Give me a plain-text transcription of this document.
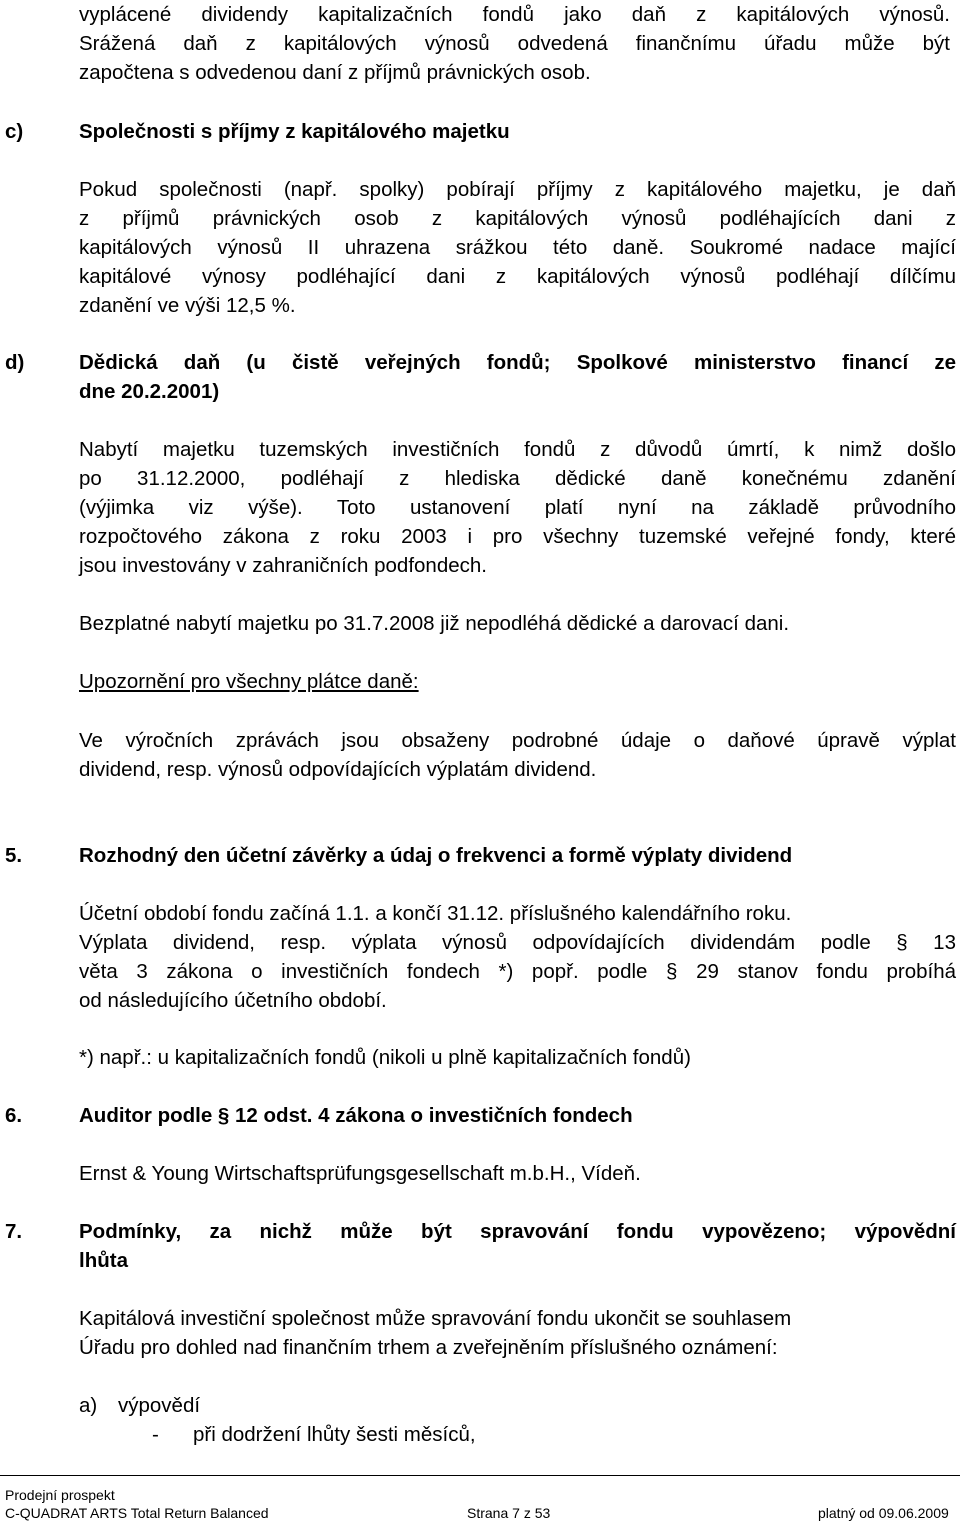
vyplácené dividendy kapitalizačních fondů jako daň z kapitálových výnosů.
Srážená daň z kapitálových výnosů odvedená finančnímu úřadu může být
započtena s odvedenou daní z příjmů právnických osob.
c)	Společnosti s příjmy z kapitálového majetku
Pokud společnosti (např. spolky) pobírají příjmy z kapitálového majetku, je daň
z příjmů právnických osob z kapitálových výnosů podléhajících dani z
kapitálových výnosů II uhrazena srážkou této daně. Soukromé nadace mající
kapitálové výnosy podléhající dani z kapitálových výnosů podléhají dílčímu
zdanění ve výši 12,5 %.
d)	Dědická daň (u čistě veřejných fondů; Spolkové ministerstvo financí ze
dne 20.2.2001)
Nabytí majetku tuzemských investičních fondů z důvodů úmrtí, k nimž došlo
po 31.12.2000, podléhají z hlediska dědické daně konečnému zdanění
(výjimka viz výše). Toto ustanovení platí nyní na základě průvodního
rozpočtového zákona z roku 2003 i pro všechny tuzemské veřejné fondy, které
jsou investovány v zahraničních podfondech.
Bezplatné nabytí majetku po 31.7.2008 již nepodléhá dědické a darovací dani.
Upozornění pro všechny plátce daně:
Ve výročních zprávách jsou obsaženy podrobné údaje o daňové úpravě výplat
dividend, resp. výnosů odpovídajících výplatám dividend.
5.	Rozhodný den účetní závěrky a údaj o frekvenci a formě výplaty dividend
Účetní období fondu začíná 1.1. a končí 31.12. příslušného kalendářního roku.
Výplata dividend, resp. výplata výnosů odpovídajících dividendám podle § 13
věta 3 zákona o investičních fondech *) popř. podle § 29 stanov fondu probíhá
od následujícího účetního období.
*) např.: u kapitalizačních fondů (nikoli u plně kapitalizačních fondů)
6.	Auditor podle § 12 odst. 4 zákona o investičních fondech
Ernst & Young Wirtschaftsprüfungsgesellschaft m.b.H., Vídeň.
7.	Podmínky, za nichž může být spravování fondu vypovězeno; výpovědní
lhůta
Kapitálová investiční společnost může spravování fondu ukončit se souhlasem
Úřadu pro dohled nad finančním trhem a zveřejněním příslušného oznámení:
a) výpovědí
- při dodržení lhůty šesti měsíců,
Prodejní prospekt
C-QUADRAT ARTS Total Return Balanced	Strana 7 z 53	platný od 09.06.2009
